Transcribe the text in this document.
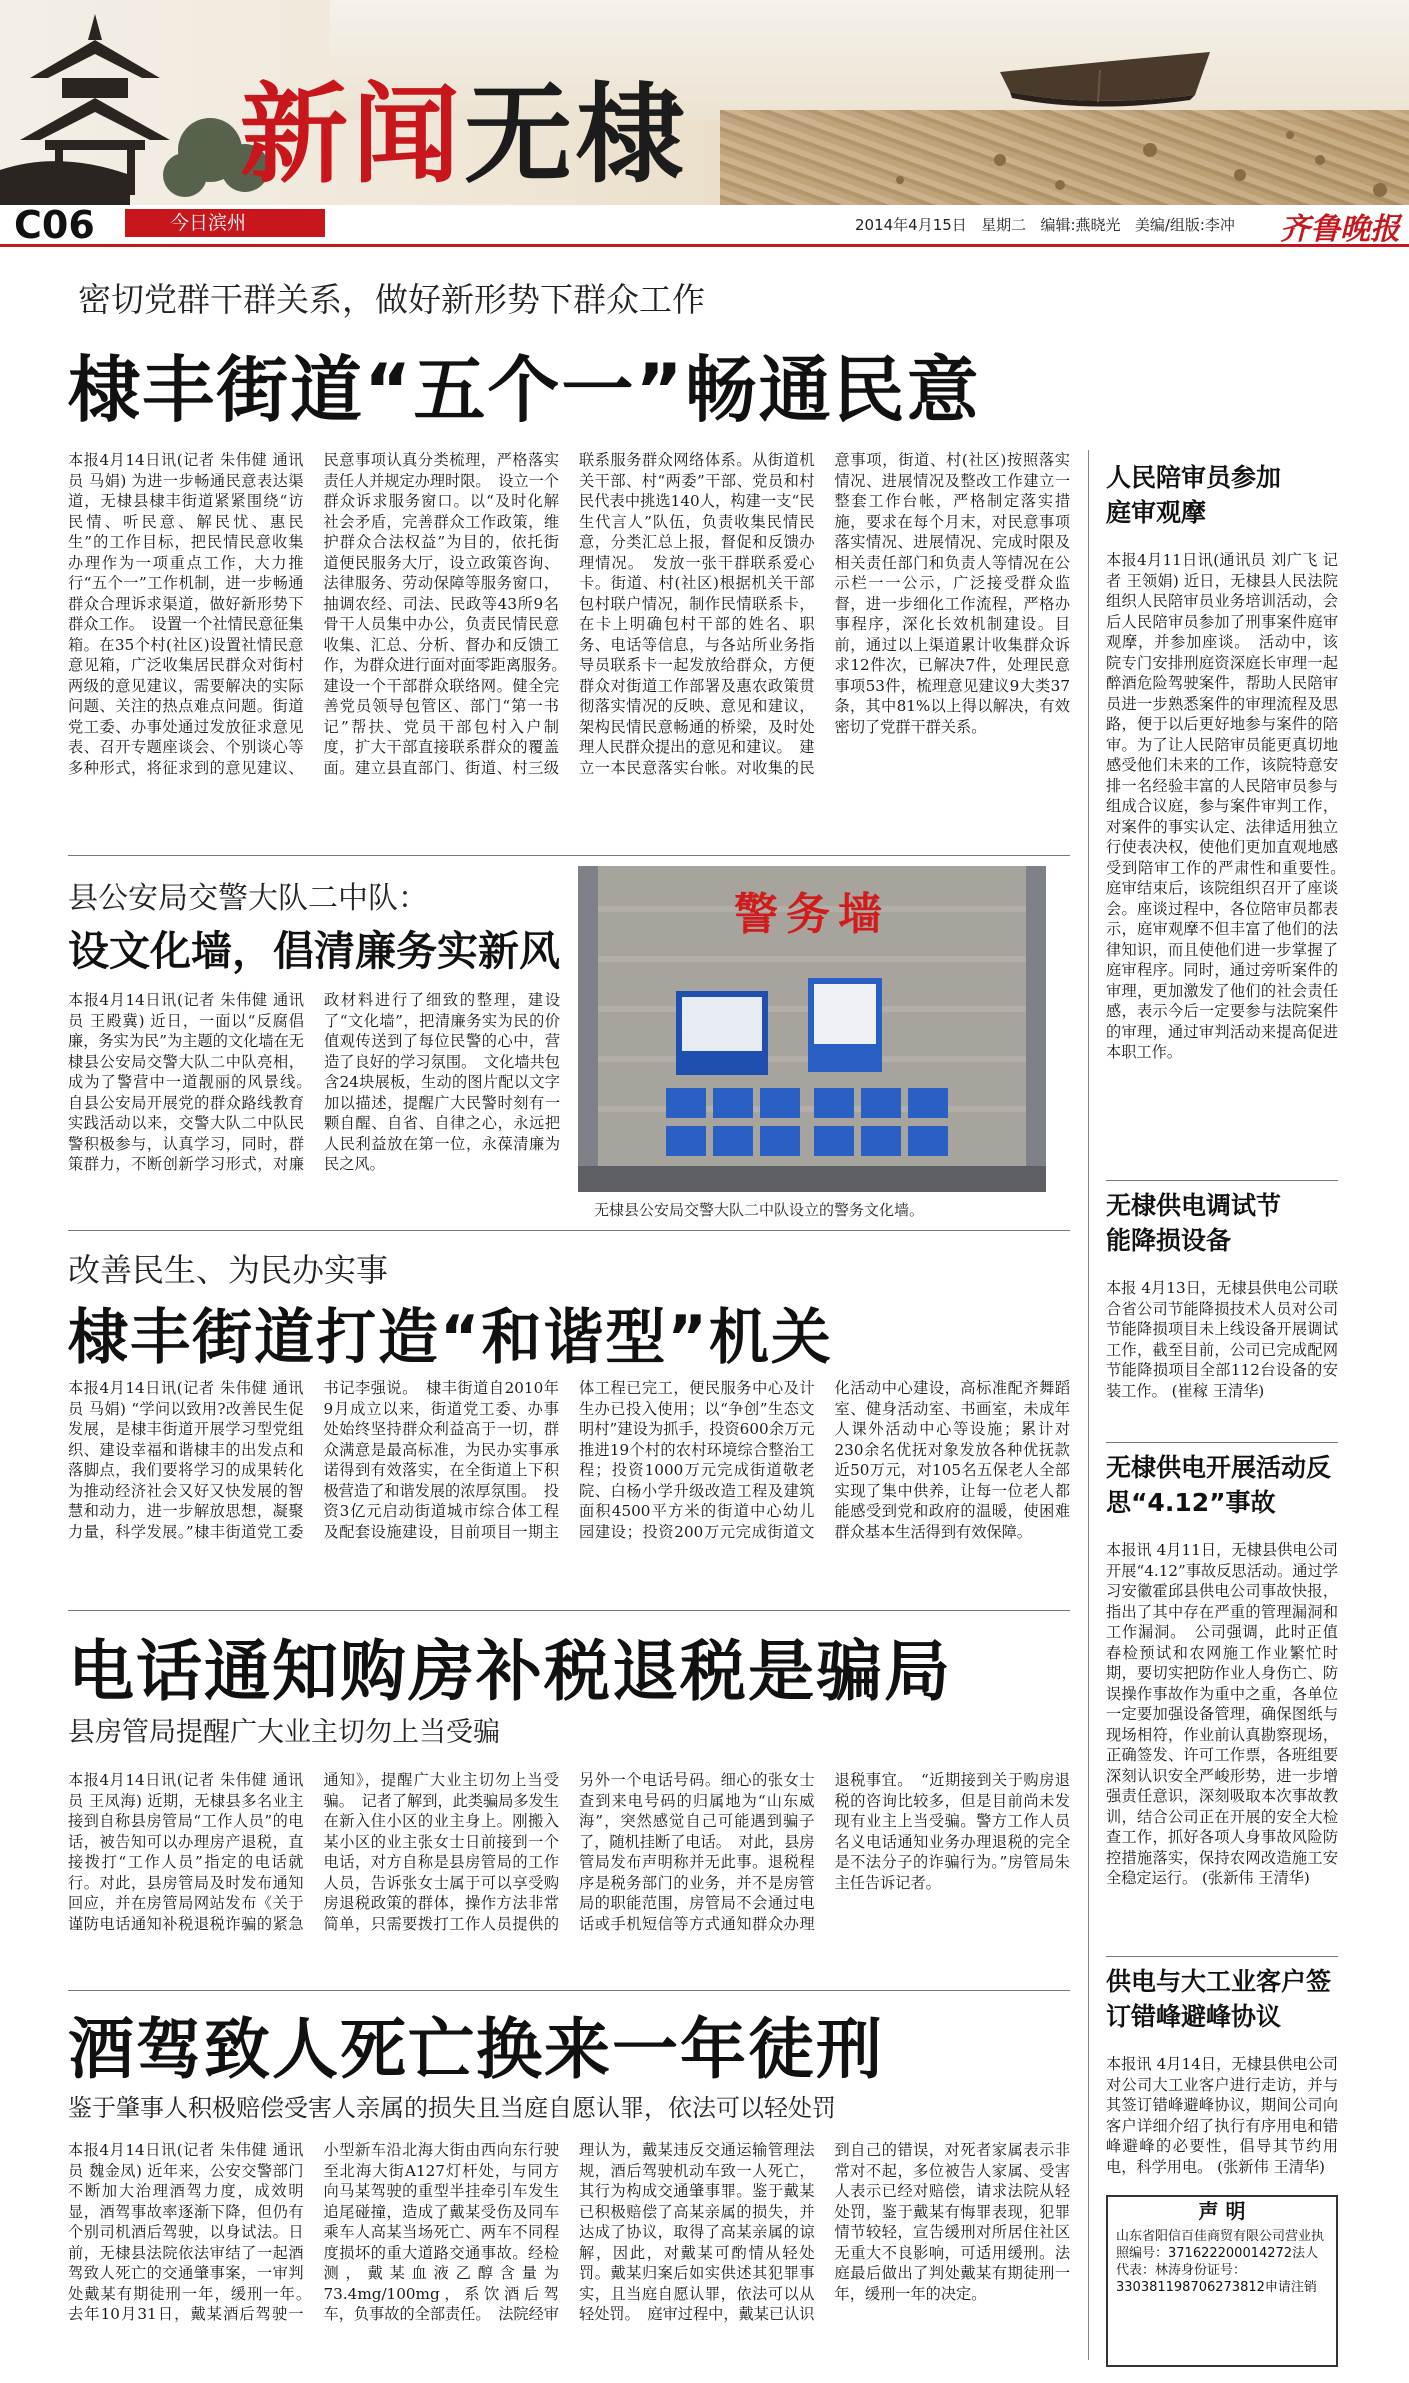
新闻无棣
C06	今日滨州	2014年4月15日 星期二 编辑:燕晓光 美编/组版:李冲 齐鲁晚报
密切党群干群关系，做好新形势下群众工作
棣丰街道“五个一”畅通民意
本报4月14日讯(记者 朱伟健 通讯员 马娟) 为进一步畅通民意表达渠道，无棣县棣丰街道紧紧围绕“访民情、听民意、解民忧、惠民生”的工作目标，把民情民意收集办理作为一项重点工作，大力推行“五个一”工作机制，进一步畅通群众合理诉求渠道，做好新形势下群众工作。　设置一个社情民意征集箱。在35个村(社区)设置社情民意意见箱，广泛收集居民群众对街村两级的意见建议，需要解决的实际问题、关注的热点难点问题。街道党工委、办事处通过发放征求意见表、召开专题座谈会、个别谈心等多种形式，将征求到的意见建议、民意事项认真分类梳理，严格落实责任人并规定办理时限。　设立一个群众诉求服务窗口。以“及时化解社会矛盾，完善群众工作政策，维护群众合法权益”为目的，依托街道便民服务大厅，设立政策咨询、法律服务、劳动保障等服务窗口，抽调农经、司法、民政等43所9名骨干人员集中办公，负责民情民意收集、汇总、分析、督办和反馈工作，为群众进行面对面零距离服务。　建设一个干部群众联络网。健全完善党员领导包管区、部门“第一书记”帮扶、党员干部包村入户制度，扩大干部直接联系群众的覆盖面。建立县直部门、街道、村三级联系服务群众网络体系。从街道机关干部、村“两委”干部、党员和村民代表中挑选140人，构建一支“民生代言人”队伍，负责收集民情民意，分类汇总上报，督促和反馈办理情况。　发放一张干群联系爱心卡。街道、村(社区)根据机关干部包村联户情况，制作民情联系卡，在卡上明确包村干部的姓名、职务、电话等信息，与各站所业务指导员联系卡一起发放给群众，方便群众对街道工作部署及惠农政策贯彻落实情况的反映、意见和建议，架构民情民意畅通的桥梁，及时处理人民群众提出的意见和建议。　建立一本民意落实台帐。对收集的民意事项，街道、村(社区)按照落实情况、进展情况及整改工作建立一整套工作台帐，严格制定落实措施，要求在每个月末，对民意事项落实情况、进展情况、完成时限及相关责任部门和负责人等情况在公示栏一一公示，广泛接受群众监督，进一步细化工作流程，严格办事程序，深化长效机制建设。目前，通过以上渠道累计收集群众诉求12件次，已解决7件，处理民意事项53件，梳理意见建议9大类37条，其中81%以上得以解决，有效密切了党群干群关系。
县公安局交警大队二中队：
设文化墙，倡清廉务实新风
本报4月14日讯(记者 朱伟健 通讯员 王殿冀) 近日，一面以“反腐倡廉，务实为民”为主题的文化墙在无棣县公安局交警大队二中队亮相，成为了警营中一道靓丽的风景线。　自县公安局开展党的群众路线教育实践活动以来，交警大队二中队民警积极参与，认真学习，同时，群策群力，不断创新学习形式，对廉政材料进行了细致的整理，建设了“文化墙”，把清廉务实为民的价值观传送到了每位民警的心中，营造了良好的学习氛围。　文化墙共包含24块展板，生动的图片配以文字加以描述，提醒广大民警时刻有一颗自醒、自省、自律之心，永远把人民利益放在第一位，永葆清廉为民之风。
警务墙
无棣县公安局交警大队二中队设立的警务文化墙。
改善民生、为民办实事
棣丰街道打造“和谐型”机关
本报4月14日讯(记者 朱伟健 通讯员 马娟) “学问以致用?改善民生促发展，是棣丰街道开展学习型党组织、建设幸福和谐棣丰的出发点和落脚点，我们要将学习的成果转化为推动经济社会又好又快发展的智慧和动力，进一步解放思想，凝聚力量，科学发展。”棣丰街道党工委书记李强说。　棣丰街道自2010年9月成立以来，街道党工委、办事处始终坚持群众利益高于一切，群众满意是最高标准，为民办实事承诺得到有效落实，在全街道上下积极营造了和谐发展的浓厚氛围。　投资3亿元启动街道城市综合体工程及配套设施建设，目前项目一期主体工程已完工，便民服务中心及计生办已投入使用；以“争创”生态文明村”建设为抓手，投资600余万元推进19个村的农村环境综合整治工程；投资1000万元完成街道敬老院、白杨小学升级改造工程及建筑面积4500平方米的街道中心幼儿园建设；投资200万元完成街道文化活动中心建设，高标准配齐舞蹈室、健身活动室、书画室，未成年人课外活动中心等设施；累计对230余名优抚对象发放各种优抚款近50万元，对105名五保老人全部实现了集中供养，让每一位老人都能感受到党和政府的温暖，使困难群众基本生活得到有效保障。
电话通知购房补税退税是骗局
县房管局提醒广大业主切勿上当受骗
本报4月14日讯(记者 朱伟健 通讯员 王凤海) 近期，无棣县多名业主接到自称县房管局“工作人员”的电话，被告知可以办理房产退税，直接拨打“工作人员”指定的电话就行。对此，县房管局及时发布通知回应，并在房管局网站发布《关于谨防电话通知补税退税诈骗的紧急通知》，提醒广大业主切勿上当受骗。　记者了解到，此类骗局多发生在新入住小区的业主身上。刚搬入某小区的业主张女士日前接到一个电话，对方自称是县房管局的工作人员，告诉张女士属于可以享受购房退税政策的群体，操作方法非常简单，只需要拨打工作人员提供的另外一个电话号码。细心的张女士查到来电号码的归属地为“山东威海”，突然感觉自己可能遇到骗子了，随机挂断了电话。　对此，县房管局发布声明称并无此事。退税程序是税务部门的业务，并不是房管局的职能范围，房管局不会通过电话或手机短信等方式通知群众办理退税事宜。　“近期接到关于购房退税的咨询比较多，但是目前尚未发现有业主上当受骗。警方工作人员名义电话通知业务办理退税的完全是不法分子的诈骗行为。”房管局朱主任告诉记者。
酒驾致人死亡换来一年徒刑
鉴于肇事人积极赔偿受害人亲属的损失且当庭自愿认罪，依法可以轻处罚
本报4月14日讯(记者 朱伟健 通讯员 魏金凤) 近年来，公安交警部门不断加大治理酒驾力度，成效明显，酒驾事故率逐渐下降，但仍有个别司机酒后驾驶，以身试法。日前，无棣县法院依法审结了一起酒驾致人死亡的交通肇事案，一审判处戴某有期徒刑一年，缓刑一年。　去年10月31日，戴某酒后驾驶一小型新车沿北海大街由西向东行驶至北海大街A127灯杆处，与同方向马某驾驶的重型半挂牵引车发生追尾碰撞，造成了戴某受伤及同车乘车人高某当场死亡、两车不同程度损坏的重大道路交通事故。经检测，戴某血液乙醇含量为73.4mg/100mg，系饮酒后驾车，负事故的全部责任。　法院经审理认为，戴某违反交通运输管理法规，酒后驾驶机动车致一人死亡，其行为构成交通肇事罪。鉴于戴某已积极赔偿了高某亲属的损失，并达成了协议，取得了高某亲属的谅解，因此，对戴某可酌情从轻处罚。戴某归案后如实供述其犯罪事实，且当庭自愿认罪，依法可以从轻处罚。　庭审过程中，戴某已认识到自己的错误，对死者家属表示非常对不起，多位被告人家属、受害人表示已经对赔偿，请求法院从轻处罚，鉴于戴某有悔罪表现，犯罪情节较轻，宣告缓刑对所居住社区无重大不良影响，可适用缓刑。法庭最后做出了判处戴某有期徒刑一年，缓刑一年的决定。
人民陪审员参加庭审观摩
本报4月11日讯(通讯员 刘广飞 记者 王领娟) 近日，无棣县人民法院组织人民陪审员业务培训活动，会后人民陪审员参加了刑事案件庭审观摩，并参加座谈。　活动中，该院专门安排刑庭资深庭长审理一起醉酒危险驾驶案件，帮助人民陪审员进一步熟悉案件的审理流程及思路，便于以后更好地参与案件的陪审。为了让人民陪审员能更真切地感受他们未来的工作，该院特意安排一名经验丰富的人民陪审员参与组成合议庭，参与案件审判工作，对案件的事实认定、法律适用独立行使表决权，使他们更加直观地感受到陪审工作的严肃性和重要性。　庭审结束后，该院组织召开了座谈会。座谈过程中，各位陪审员都表示，庭审观摩不但丰富了他们的法律知识，而且使他们进一步掌握了庭审程序。同时，通过旁听案件的审理，更加激发了他们的社会责任感，表示今后一定要参与法院案件的审理，通过审判活动来提高促进本职工作。
无棣供电调试节能降损设备
本报 4月13日，无棣县供电公司联合省公司节能降损技术人员对公司节能降损项目未上线设备开展调试工作，截至目前，公司已完成配网节能降损项目全部112台设备的安装工作。 (崔稼 王清华)
无棣供电开展活动反思“4.12”事故
本报讯 4月11日，无棣县供电公司开展“4.12”事故反思活动。通过学习安徽霍邱县供电公司事故快报，指出了其中存在严重的管理漏洞和工作漏洞。　公司强调，此时正值春检预试和农网施工作业繁忙时期，要切实把防作业人身伤亡、防误操作事故作为重中之重，各单位一定要加强设备管理，确保图纸与现场相符，作业前认真勘察现场，正确签发、许可工作票，各班组要深刻认识安全严峻形势，进一步增强责任意识，深刻吸取本次事故教训，结合公司正在开展的安全大检查工作，抓好各项人身事故风险防控措施落实，保持农网改造施工安全稳定运行。 (张新伟 王清华)
供电与大工业客户签订错峰避峰协议
本报讯 4月14日，无棣县供电公司对公司大工业客户进行走访，并与其签订错峰避峰协议，期间公司向客户详细介绍了执行有序用电和错峰避峰的必要性，倡导其节约用电，科学用电。 (张新伟 王清华)
声 明
山东省阳信百佳商贸有限公司营业执照编号：371622200014272法人代表：林涛身份证号：330381198706273812申请注销
